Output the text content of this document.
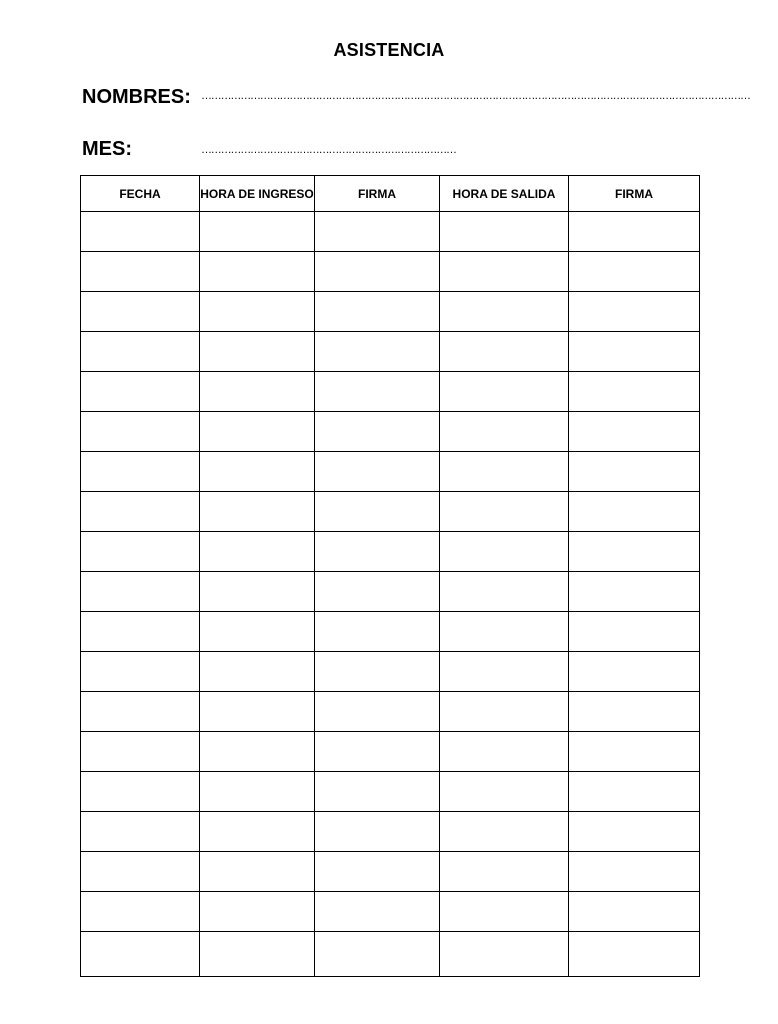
ASISTENCIA
NOMBRES: ……………………………………………………………………………………………………………………………………………………
MES:	……………………………………………………………………
FECHA	HORA DE INGRESO	FIRMA	HORA DE SALIDA	FIRMA
